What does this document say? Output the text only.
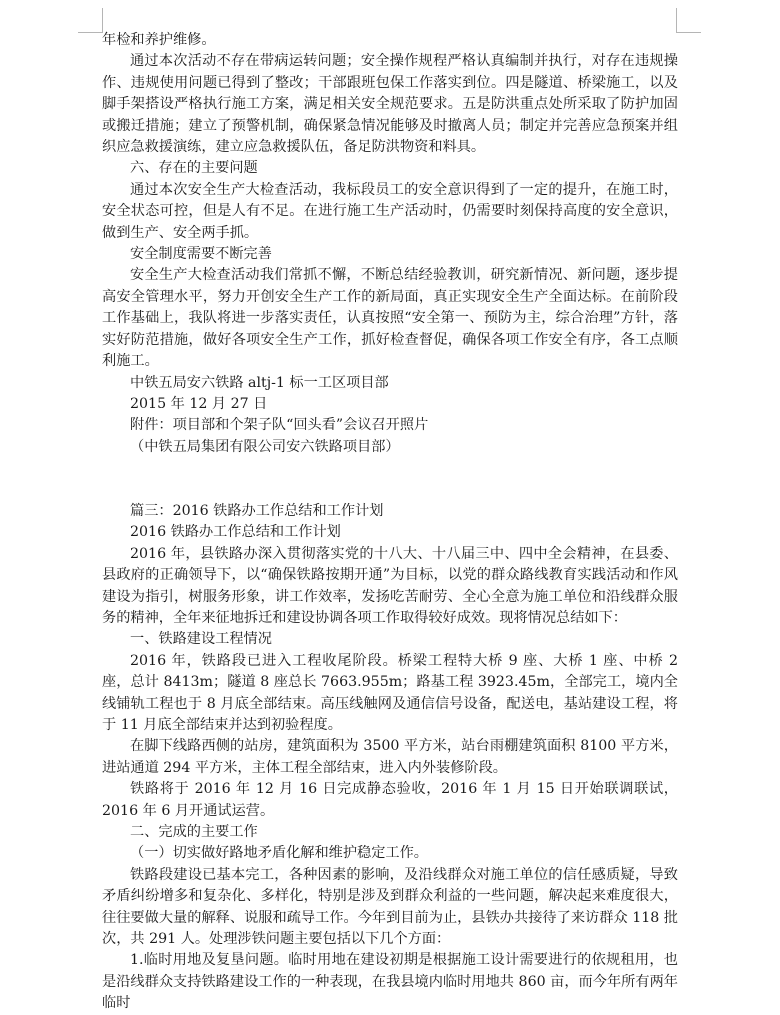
年检和养护维修。

通过本次活动不存在带病运转问题；安全操作规程严格认真编制并执行，对存在违规操作、违规使用问题已得到了整改；干部跟班包保工作落实到位。四是隧道、桥梁施工，以及脚手架搭设严格执行施工方案，满足相关安全规范要求。五是防洪重点处所采取了防护加固或搬迁措施；建立了预警机制，确保紧急情况能够及时撤离人员；制定并完善应急预案并组织应急救援演练，建立应急救援队伍，备足防洪物资和料具。

六、存在的主要问题

通过本次安全生产大检查活动，我标段员工的安全意识得到了一定的提升，在施工时，安全状态可控，但是人有不足。在进行施工生产活动时，仍需要时刻保持高度的安全意识，做到生产、安全两手抓。

安全制度需要不断完善

安全生产大检查活动我们常抓不懈，不断总结经验教训，研究新情况、新问题，逐步提高安全管理水平，努力开创安全生产工作的新局面，真正实现安全生产全面达标。在前阶段工作基础上，我队将进一步落实责任，认真按照“安全第一、预防为主，综合治理”方针，落实好防范措施，做好各项安全生产工作，抓好检查督促，确保各项工作安全有序，各工点顺利施工。

中铁五局安六铁路 altj-1 标一工区项目部

2015 年 12 月 27 日

附件：项目部和个架子队“回头看”会议召开照片

（中铁五局集团有限公司安六铁路项目部）

篇三：2016 铁路办工作总结和工作计划

2016 铁路办工作总结和工作计划

2016 年，县铁路办深入贯彻落实党的十八大、十八届三中、四中全会精神，在县委、县政府的正确领导下，以“确保铁路按期开通”为目标，以党的群众路线教育实践活动和作风建设为指引，树服务形象，讲工作效率，发扬吃苦耐劳、全心全意为施工单位和沿线群众服务的精神，全年来征地拆迁和建设协调各项工作取得较好成效。现将情况总结如下：

一、铁路建设工程情况

2016 年，铁路段已进入工程收尾阶段。桥梁工程特大桥 9 座、大桥 1 座、中桥 2 座，总计 8413m；隧道 8 座总长 7663.955m；路基工程 3923.45m，全部完工，境内全线铺轨工程也于 8 月底全部结束。高压线触网及通信信号设备，配送电，基站建设工程，将于 11 月底全部结束并达到初验程度。

在脚下线路西侧的站房，建筑面积为 3500 平方米，站台雨棚建筑面积 8100 平方米，进站通道 294 平方米，主体工程全部结束，进入内外装修阶段。

铁路将于 2016 年 12 月 16 日完成静态验收，2016 年 1 月 15 日开始联调联试，2016 年 6 月开通试运营。

二、完成的主要工作

（一）切实做好路地矛盾化解和维护稳定工作。

铁路段建设已基本完工，各种因素的影响，及沿线群众对施工单位的信任感质疑，导致矛盾纠纷增多和复杂化、多样化，特别是涉及到群众利益的一些问题，解决起来难度很大，往往要做大量的解释、说服和疏导工作。今年到目前为止，县铁办共接待了来访群众 118 批次，共 291 人。处理涉铁问题主要包括以下几个方面：

1.临时用地及复垦问题。临时用地在建设初期是根据施工设计需要进行的依规租用，也是沿线群众支持铁路建设工作的一种表现，在我县境内临时用地共 860 亩，而今年所有两年临时
